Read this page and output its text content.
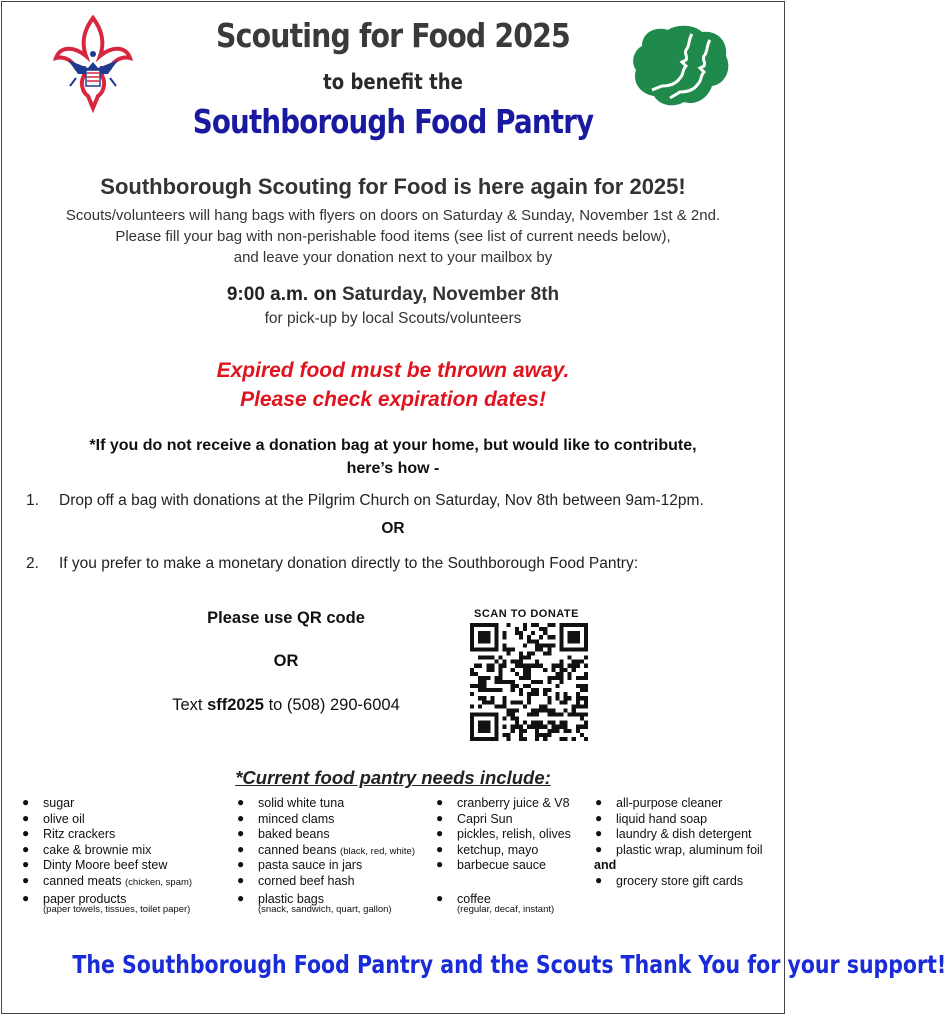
Scouting for Food 2025
to benefit the
Southborough Food Pantry
Southborough Scouting for Food is here again for 2025!
Scouts/volunteers will hang bags with flyers on doors on Saturday & Sunday, November 1st & 2nd.
Please fill your bag with non-perishable food items (see list of current needs below),
and leave your donation next to your mailbox by
9:00 a.m. on Saturday, November 8th
for pick-up by local Scouts/volunteers
Expired food must be thrown away.
Please check expiration dates!
*If you do not receive a donation bag at your home, but would like to contribute,
here’s how -
1. Drop off a bag with donations at the Pilgrim Church on Saturday, Nov 8th between 9am-12pm.
OR
2. If you prefer to make a monetary donation directly to the Southborough Food Pantry:
Please use QR code
OR
Text sff2025 to (508) 290-6004
SCAN TO DONATE
*Current food pantry needs include:
● sugar
● olive oil
● Ritz crackers
● cake & brownie mix
● Dinty Moore beef stew
● canned meats (chicken, spam)
● paper products
(paper towels, tissues, toilet paper)
● solid white tuna
● minced clams
● baked beans
● canned beans (black, red, white)
● pasta sauce in jars
● corned beef hash
● plastic bags
(snack, sandwich, quart, gallon)
● cranberry juice & V8
● Capri Sun
● pickles, relish, olives
● ketchup, mayo
● barbecue sauce
● coffee
(regular, decaf, instant)
● all-purpose cleaner
● liquid hand soap
● laundry & dish detergent
● plastic wrap, aluminum foil
and
● grocery store gift cards
The Southborough Food Pantry and the Scouts Thank You for your support!
